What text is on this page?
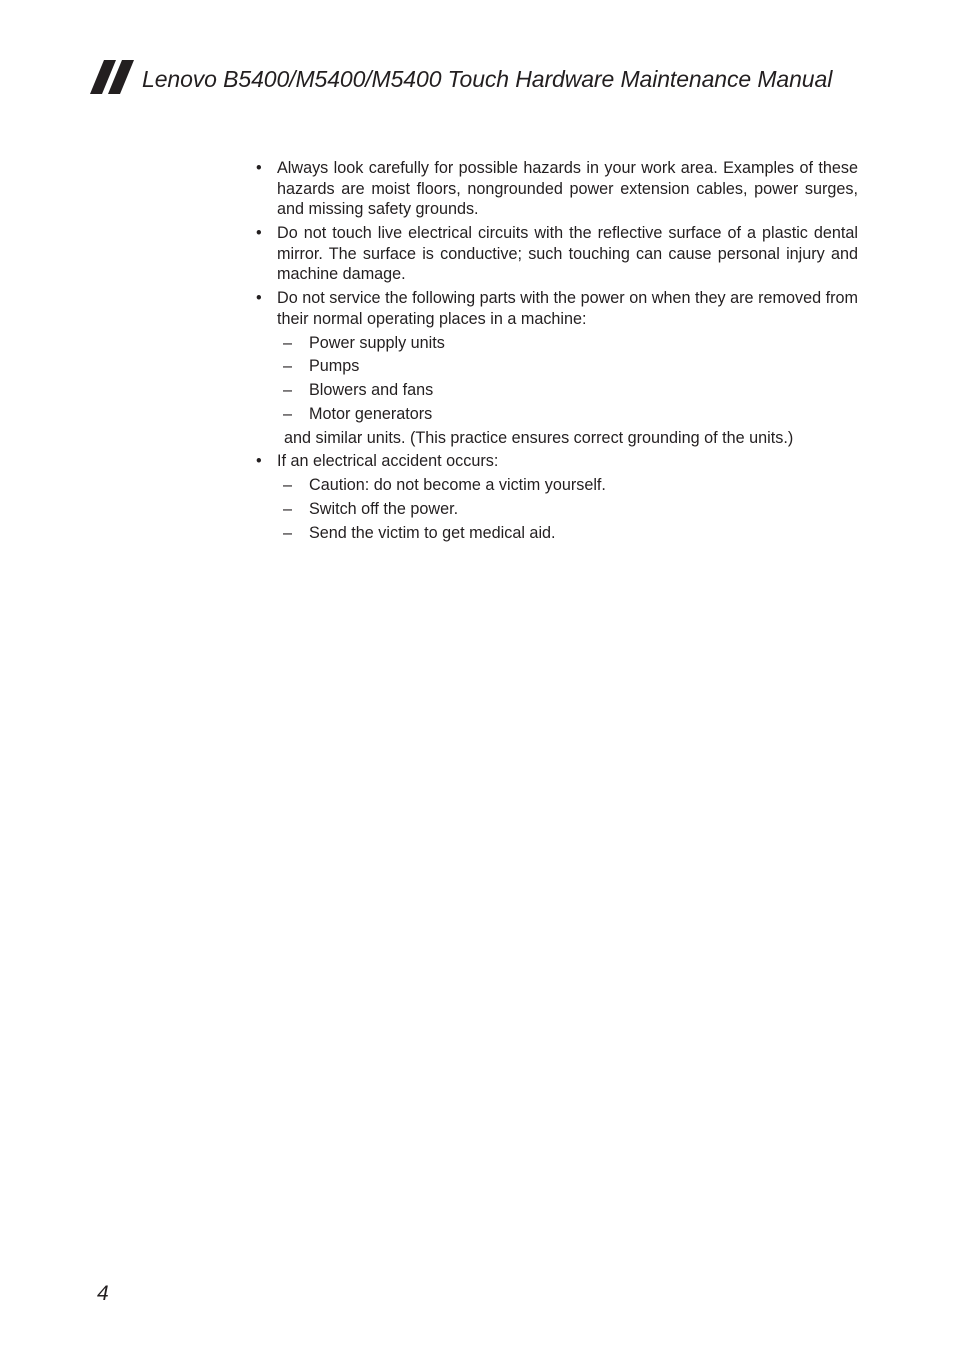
Lenovo B5400/M5400/M5400 Touch Hardware Maintenance Manual
• Always look carefully for possible hazards in your work area. Examples of these hazards are moist floors, nongrounded power extension cables, power surges, and missing safety grounds.
• Do not touch live electrical circuits with the reflective surface of a plastic dental mirror. The surface is conductive; such touching can cause personal injury and machine damage.
• Do not service the following parts with the power on when they are removed from their normal operating places in a machine:
– Power supply units
– Pumps
– Blowers and fans
– Motor generators
and similar units. (This practice ensures correct grounding of the units.)
• If an electrical accident occurs:
– Caution: do not become a victim yourself.
– Switch off the power.
– Send the victim to get medical aid.
4
